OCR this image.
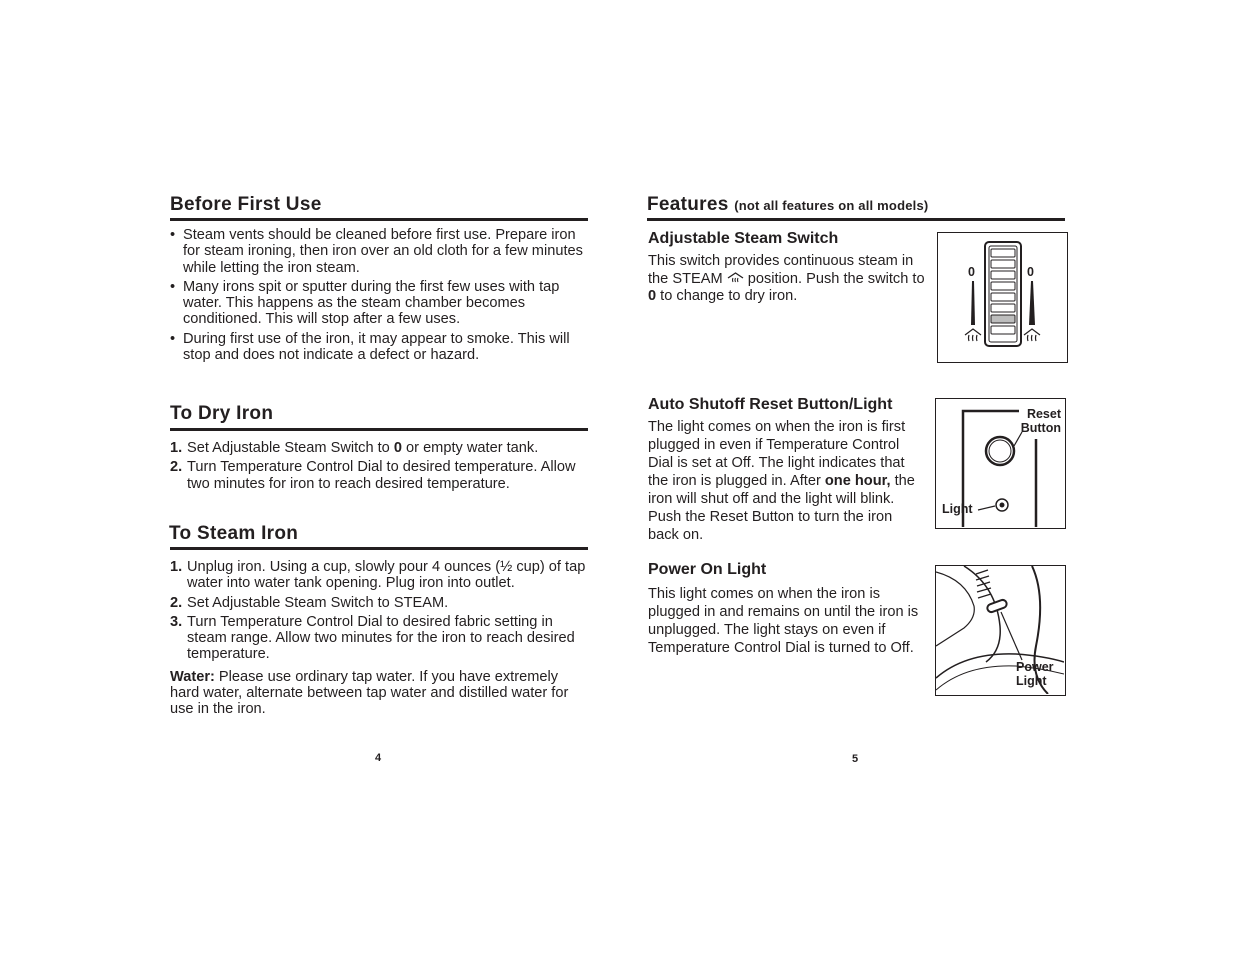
Before First Use
• Steam vents should be cleaned before first use. Prepare iron for steam ironing, then iron over an old cloth for a few minutes while letting the iron steam.
• Many irons spit or sputter during the first few uses with tap water. This happens as the steam chamber becomes conditioned. This will stop after a few uses.
• During first use of the iron, it may appear to smoke. This will stop and does not indicate a defect or hazard.
To Dry Iron
1. Set Adjustable Steam Switch to 0 or empty water tank.
2. Turn Temperature Control Dial to desired temperature. Allow two minutes for iron to reach desired temperature.
To Steam Iron
1. Unplug iron. Using a cup, slowly pour 4 ounces (½ cup) of tap water into water tank opening. Plug iron into outlet.
2. Set Adjustable Steam Switch to STEAM.
3. Turn Temperature Control Dial to desired fabric setting in steam range. Allow two minutes for the iron to reach desired temperature.
Water: Please use ordinary tap water. If you have extremely hard water, alternate between tap water and distilled water for use in the iron.
4
Features (not all features on all models)
Adjustable Steam Switch
This switch provides continuous steam in the STEAM  position. Push the switch to 0 to change to dry iron.
0	0
Auto Shutoff Reset Button/Light
The light comes on when the iron is first plugged in even if Temperature Control Dial is set at Off. The light indicates that the iron is plugged in. After one hour, the iron will shut off and the light will blink. Push the Reset Button to turn the iron back on.
Reset
Button
Light
Power On Light
This light comes on when the iron is plugged in and remains on until the iron is unplugged. The light stays on even if Temperature Control Dial is turned to Off.
Power
Light
5
